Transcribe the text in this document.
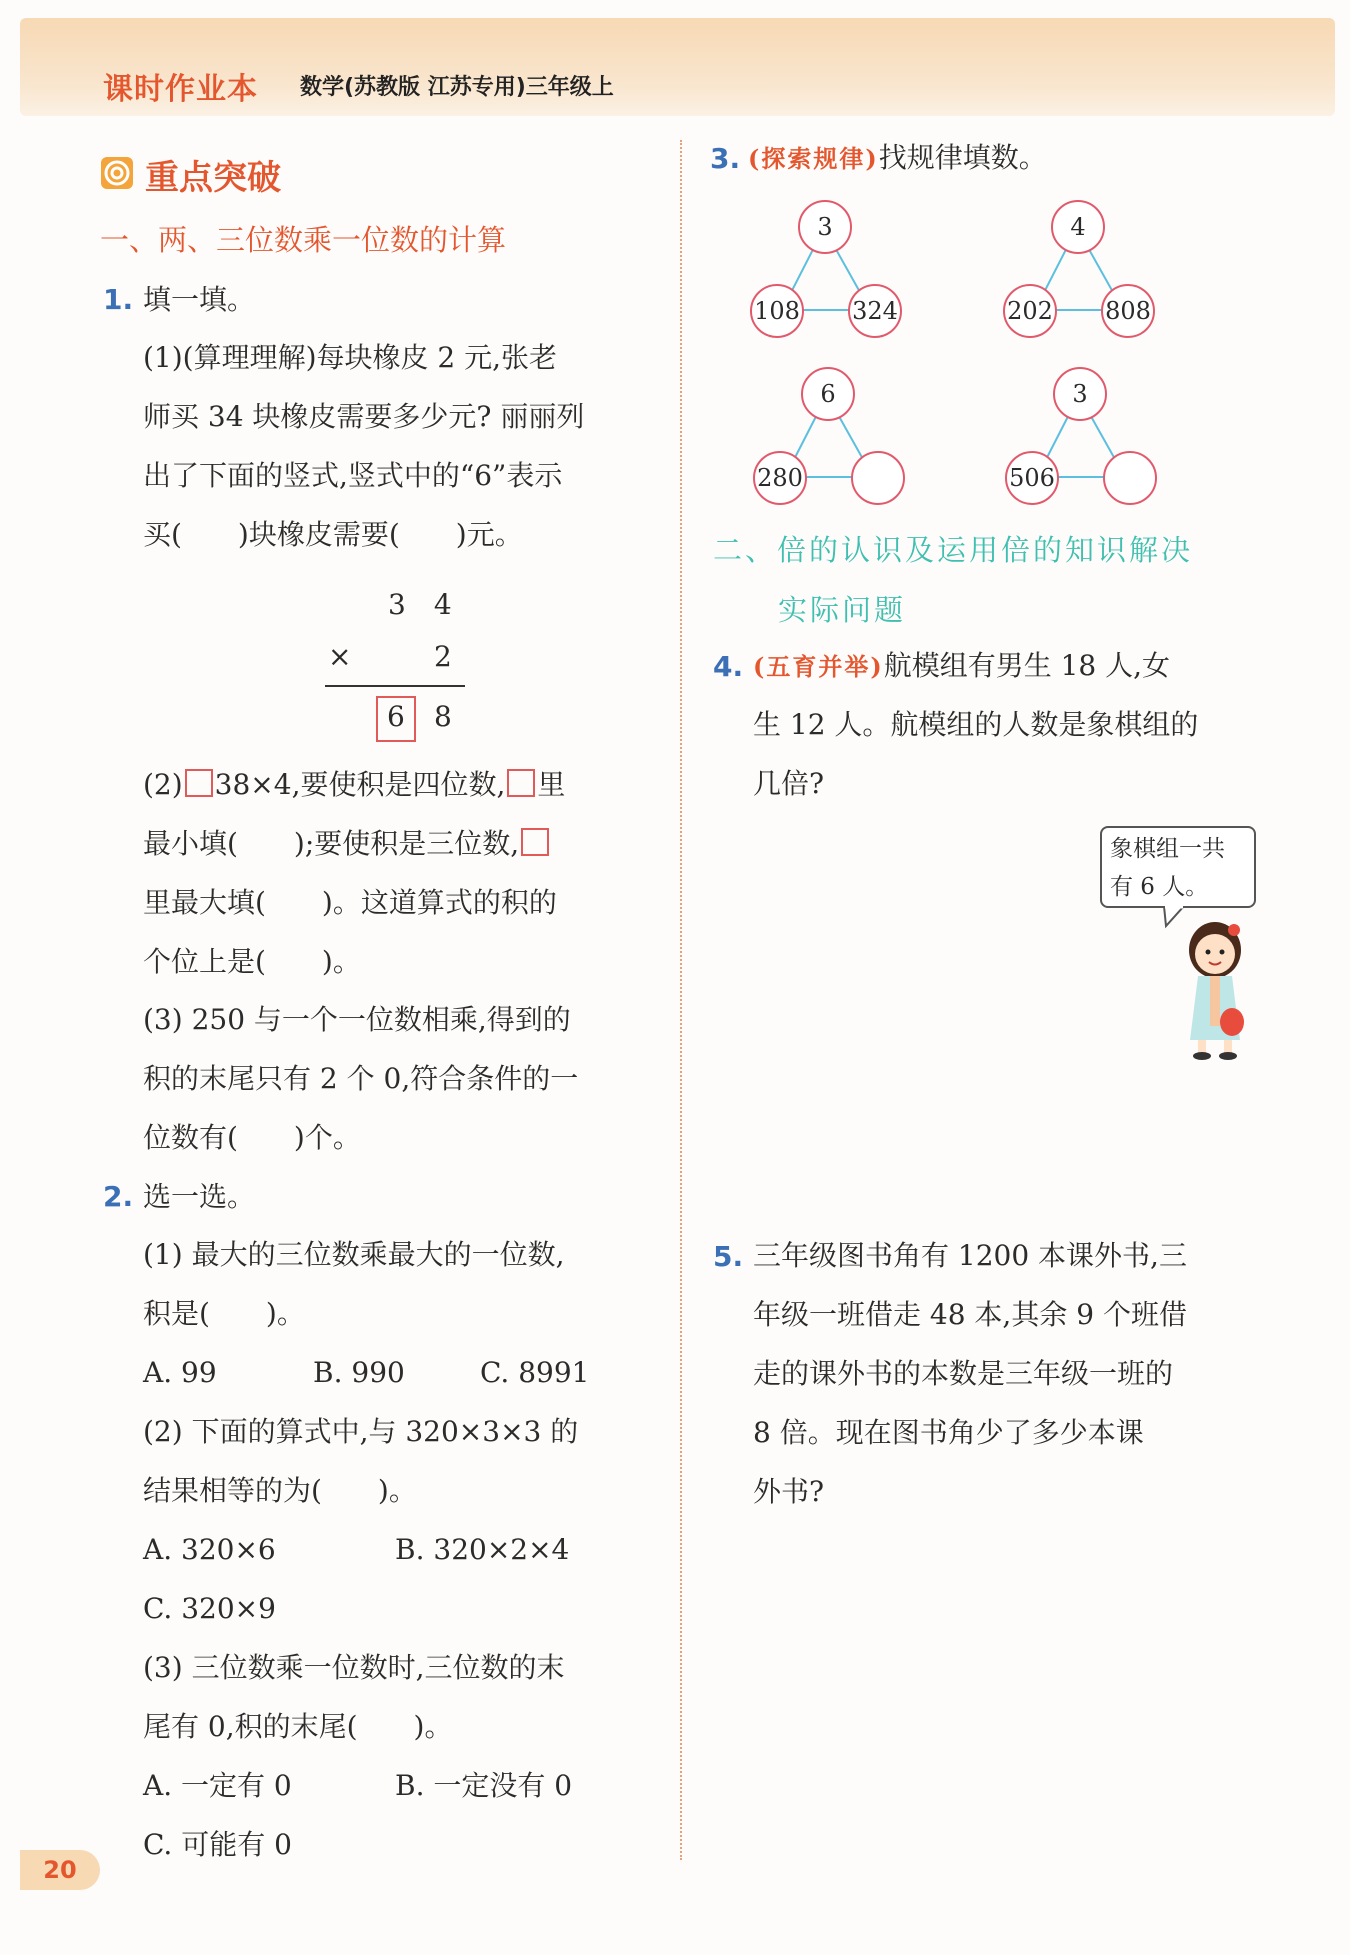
课时作业本 数学(苏教版 江苏专用)三年级上
重点突破
一、两、三位数乘一位数的计算
1. 填一填。
(1)(算理理解)每块橡皮 2 元,张老
师买 34 块橡皮需要多少元? 丽丽列
出了下面的竖式,竖式中的“6”表示
买(　　)块橡皮需要(　　)元。
3　4
×	2
6 8
(2) 38×4,要使积是四位数, 里
最小填(　　);要使积是三位数,
里最大填(　　)。这道算式的积的
个位上是(　　)。
(3) 250 与一个一位数相乘,得到的
积的末尾只有 2 个 0,符合条件的一
位数有(　　)个。
2. 选一选。
(1) 最大的三位数乘最大的一位数,
积是(　　)。
A. 99	B. 990	C. 8991
(2) 下面的算式中,与 320×3×3 的
结果相等的为(　　)。
A. 320×6	B. 320×2×4
C. 320×9
(3) 三位数乘一位数时,三位数的末
尾有 0,积的末尾(　　)。
A. 一定有 0	B. 一定没有 0
C. 可能有 0
3. (探索规律)找规律填数。
3
108 324
4
202 808
6
280
3
506
二、倍的认识及运用倍的知识解决
实际问题
4. (五育并举)航模组有男生 18 人,女
生 12 人。航模组的人数是象棋组的
几倍?
象棋组一共
有 6 人。
5. 三年级图书角有 1200 本课外书,三
年级一班借走 48 本,其余 9 个班借
走的课外书的本数是三年级一班的
8 倍。现在图书角少了多少本课
外书?
20
